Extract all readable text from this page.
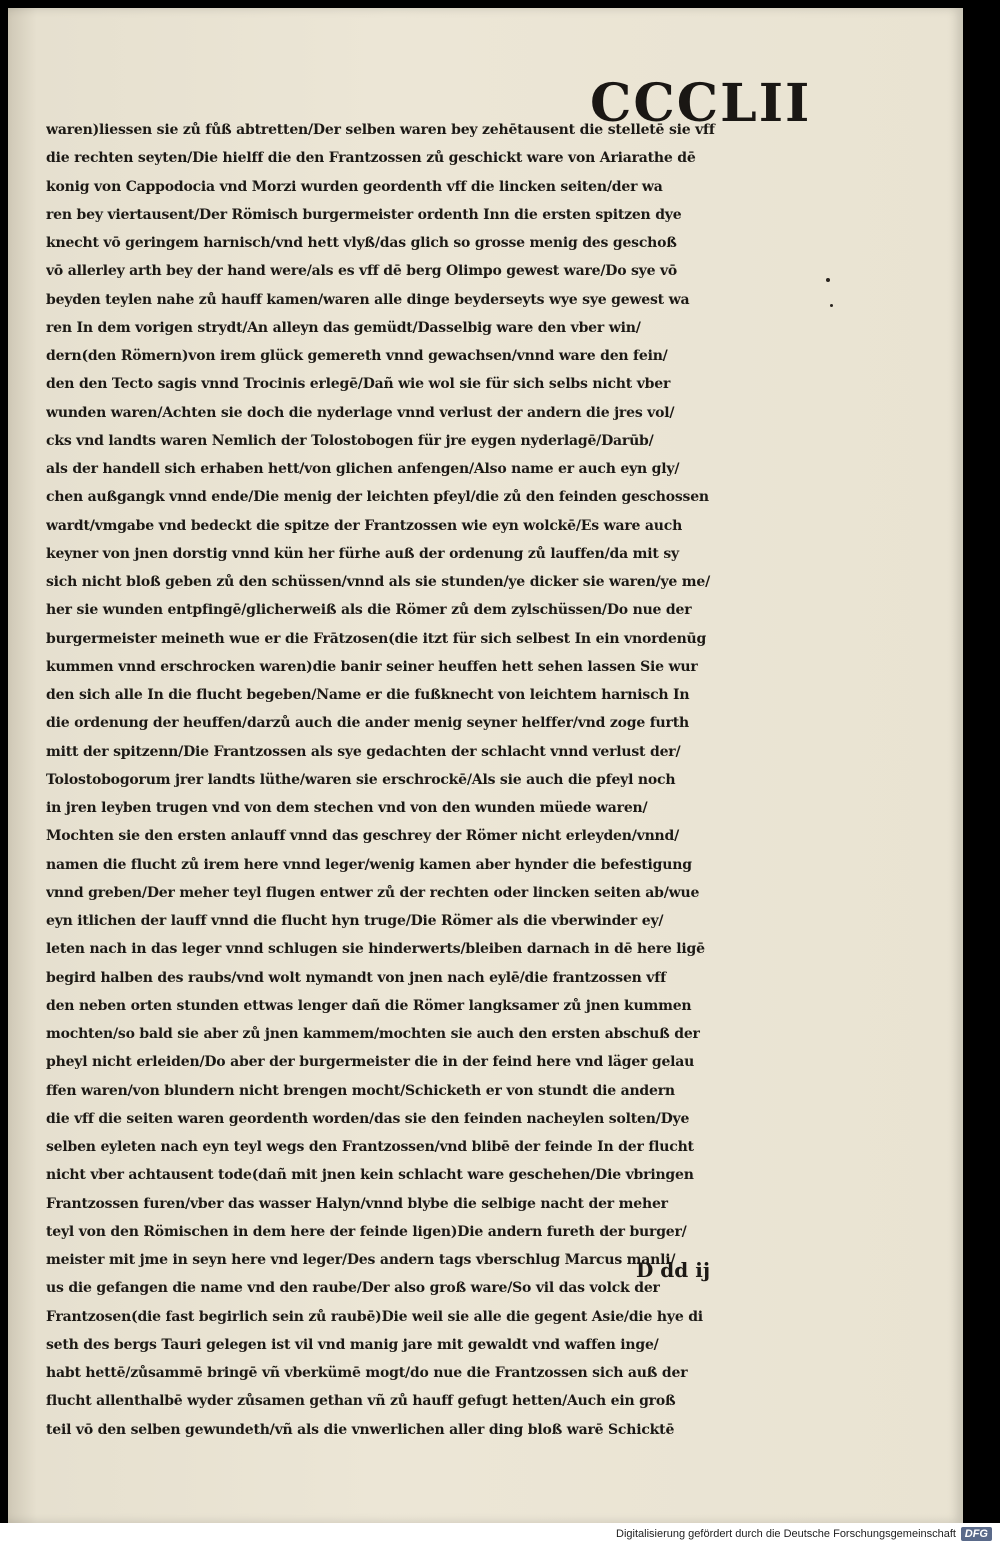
CCCLII
waren)liessen sie zů fůß abtretten/Der selben waren bey zehētausent die stelletē sie vff
die rechten seyten/Die hielff die den Frantzossen zů geschickt ware von Ariarathe dē
konig von Cappodocia vnd Morzi wurden geordenth vff die lincken seiten/der wa
ren bey viertausent/Der Römisch burgermeister ordenth Inn die ersten spitzen dye
knecht vō geringem harnisch/vnd hett vlyß/das glich so grosse menig des geschoß
vō allerley arth bey der hand were/als es vff dē berg Olimpo gewest ware/Do sye vō
beyden teylen nahe zů hauff kamen/waren alle dinge beyderseyts wye sye gewest wa
ren In dem vorigen strydt/An alleyn das gemüdt/Dasselbig ware den vber win/
dern(den Römern)von irem glück gemereth vnnd gewachsen/vnnd ware den fein/
den den Tecto sagis vnnd Trocinis erlegē/Dañ wie wol sie für sich selbs nicht vber
wunden waren/Achten sie doch die nyderlage vnnd verlust der andern die jres vol/
cks vnd landts waren Nemlich der Tolostobogen für jre eygen nyderlagē/Darūb/
als der handell sich erhaben hett/von glichen anfengen/Also name er auch eyn gly/
chen außgangk vnnd ende/Die menig der leichten pfeyl/die zů den feinden geschossen
wardt/vmgabe vnd bedeckt die spitze der Frantzossen wie eyn wolckē/Es ware auch
keyner von jnen dorstig vnnd kün her fürhe auß der ordenung zů lauffen/da mit sy
sich nicht bloß geben zů den schüssen/vnnd als sie stunden/ye dicker sie waren/ye me/
her sie wunden entpfingē/glicherweiß als die Römer zů dem zylschüssen/Do nue der
burgermeister meineth wue er die Frātzosen(die itzt für sich selbest In ein vnordenūg
kummen vnnd erschrocken waren)die banir seiner heuffen hett sehen lassen Sie wur
den sich alle In die flucht begeben/Name er die fußknecht von leichtem harnisch In
die ordenung der heuffen/darzů auch die ander menig seyner helffer/vnd zoge furth
mitt der spitzenn/Die Frantzossen als sye gedachten der schlacht vnnd verlust der/
Tolostobogorum jrer landts lüthe/waren sie erschrockē/Als sie auch die pfeyl noch
in jren leyben trugen vnd von dem stechen vnd von den wunden müede waren/
Mochten sie den ersten anlauff vnnd das geschrey der Römer nicht erleyden/vnnd/
namen die flucht zů irem here vnnd leger/wenig kamen aber hynder die befestigung
vnnd greben/Der meher teyl flugen entwer zů der rechten oder lincken seiten ab/wue
eyn itlichen der lauff vnnd die flucht hyn truge/Die Römer als die vberwinder ey/
leten nach in das leger vnnd schlugen sie hinderwerts/bleiben darnach in dē here ligē
begird halben des raubs/vnd wolt nymandt von jnen nach eylē/die frantzossen vff
den neben orten stunden ettwas lenger dañ die Römer langksamer zů jnen kummen
mochten/so bald sie aber zů jnen kammem/mochten sie auch den ersten abschuß der
pheyl nicht erleiden/Do aber der burgermeister die in der feind here vnd läger gelau
ffen waren/von blundern nicht brengen mocht/Schicketh er von stundt die andern
die vff die seiten waren geordenth worden/das sie den feinden nacheylen solten/Dye
selben eyleten nach eyn teyl wegs den Frantzossen/vnd blibē der feinde In der flucht
nicht vber achtausent tode(dañ mit jnen kein schlacht ware geschehen/Die vbringen
Frantzossen furen/vber das wasser Halyn/vnnd blybe die selbige nacht der meher
teyl von den Römischen in dem here der feinde ligen)Die andern fureth der burger/
meister mit jme in seyn here vnd leger/Des andern tags vberschlug Marcus manli/
us die gefangen die name vnd den raube/Der also groß ware/So vil das volck der
Frantzosen(die fast begirlich sein zů raubē)Die weil sie alle die gegent Asie/die hye di
seth des bergs Tauri gelegen ist vil vnd manig jare mit gewaldt vnd waffen inge/
habt hettē/zůsammē bringē vñ vberkümē mogt/do nue die Frantzossen sich auß der
flucht allenthalbē wyder zůsamen gethan vñ zů hauff gefugt hetten/Auch ein groß
teil vō den selben gewundeth/vñ als die vnwerlichen aller ding bloß warē Schicktē
D dd ij
Digitalisierung gefördert durch die Deutsche Forschungsgemeinschaft DFG
